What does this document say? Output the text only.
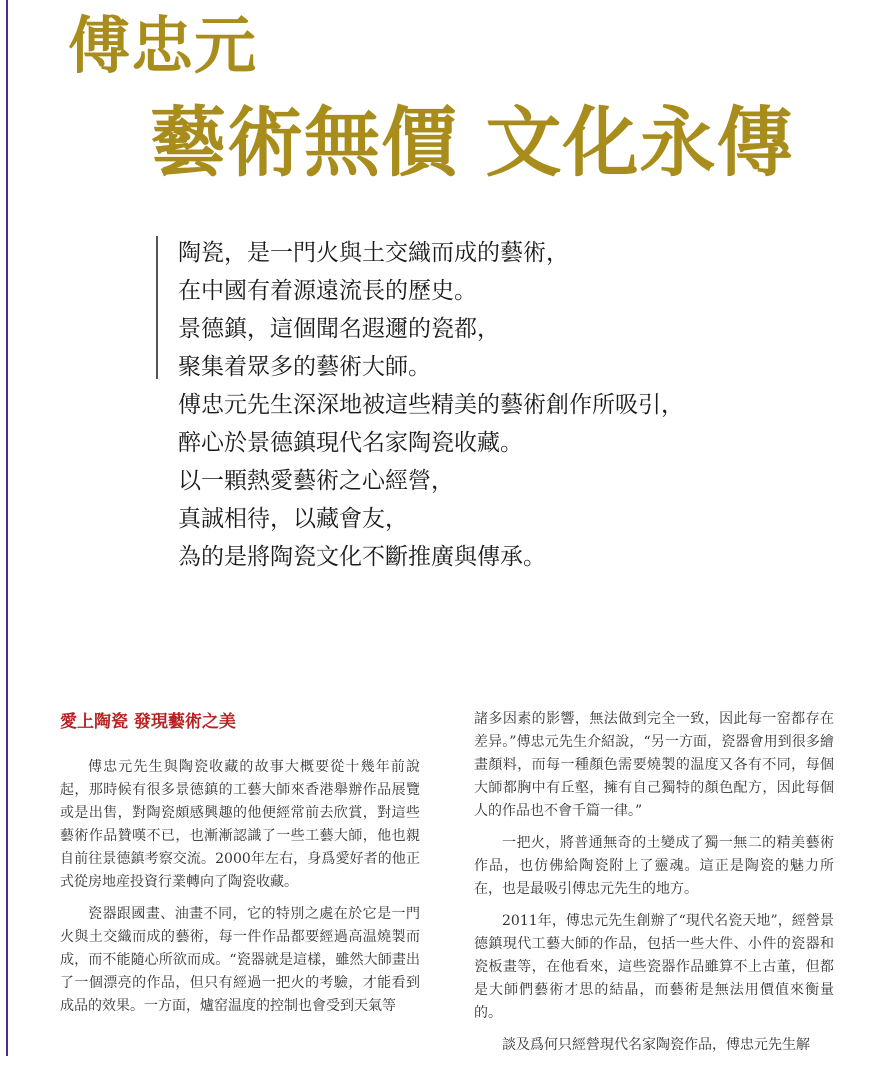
傅忠元
藝術無價 文化永傳
陶瓷，是一門火與土交織而成的藝術，
在中國有着源遠流長的歷史。
景德鎮，這個聞名遐邇的瓷都，
聚集着眾多的藝術大師。
傅忠元先生深深地被這些精美的藝術創作所吸引，
醉心於景德鎮現代名家陶瓷收藏。
以一顆熱愛藝術之心經營，
真誠相待，以藏會友，
為的是將陶瓷文化不斷推廣與傳承。
愛上陶瓷 發現藝術之美

傅忠元先生與陶瓷收藏的故事大概要從十幾年前說起，那時候有很多景德鎮的工藝大師來香港舉辦作品展覽或是出售，對陶瓷頗感興趣的他便經常前去欣賞，對這些藝術作品贊嘆不已，也漸漸認識了一些工藝大師，他也親自前往景德鎮考察交流。2000年左右，身爲愛好者的他正式從房地産投資行業轉向了陶瓷收藏。

瓷器跟國畫、油畫不同，它的特別之處在於它是一門火與土交織而成的藝術，每一件作品都要經過高温燒製而成，而不能隨心所欲而成。“瓷器就是這樣，雖然大師畫出了一個漂亮的作品，但只有經過一把火的考驗，才能看到成品的效果。一方面，爐窑温度的控制也會受到天氣等

諸多因素的影響，無法做到完全一致，因此每一窑都存在差异。”傅忠元先生介紹說，“另一方面，瓷器會用到很多繪畫顏料，而每一種顏色需要燒製的温度又各有不同，每個大師都胸中有丘壑，擁有自己獨特的顏色配方，因此每個人的作品也不會千篇一律。”

一把火，將普通無奇的土變成了獨一無二的精美藝術作品，也仿佛給陶瓷附上了靈魂。這正是陶瓷的魅力所在，也是最吸引傅忠元先生的地方。

2011年，傅忠元先生創辦了“現代名瓷天地”，經營景德鎮現代工藝大師的作品，包括一些大件、小件的瓷器和瓷板畫等，在他看來，這些瓷器作品雖算不上古董，但都是大師們藝術才思的結晶，而藝術是無法用價值來衡量的。

談及爲何只經營現代名家陶瓷作品，傅忠元先生解
